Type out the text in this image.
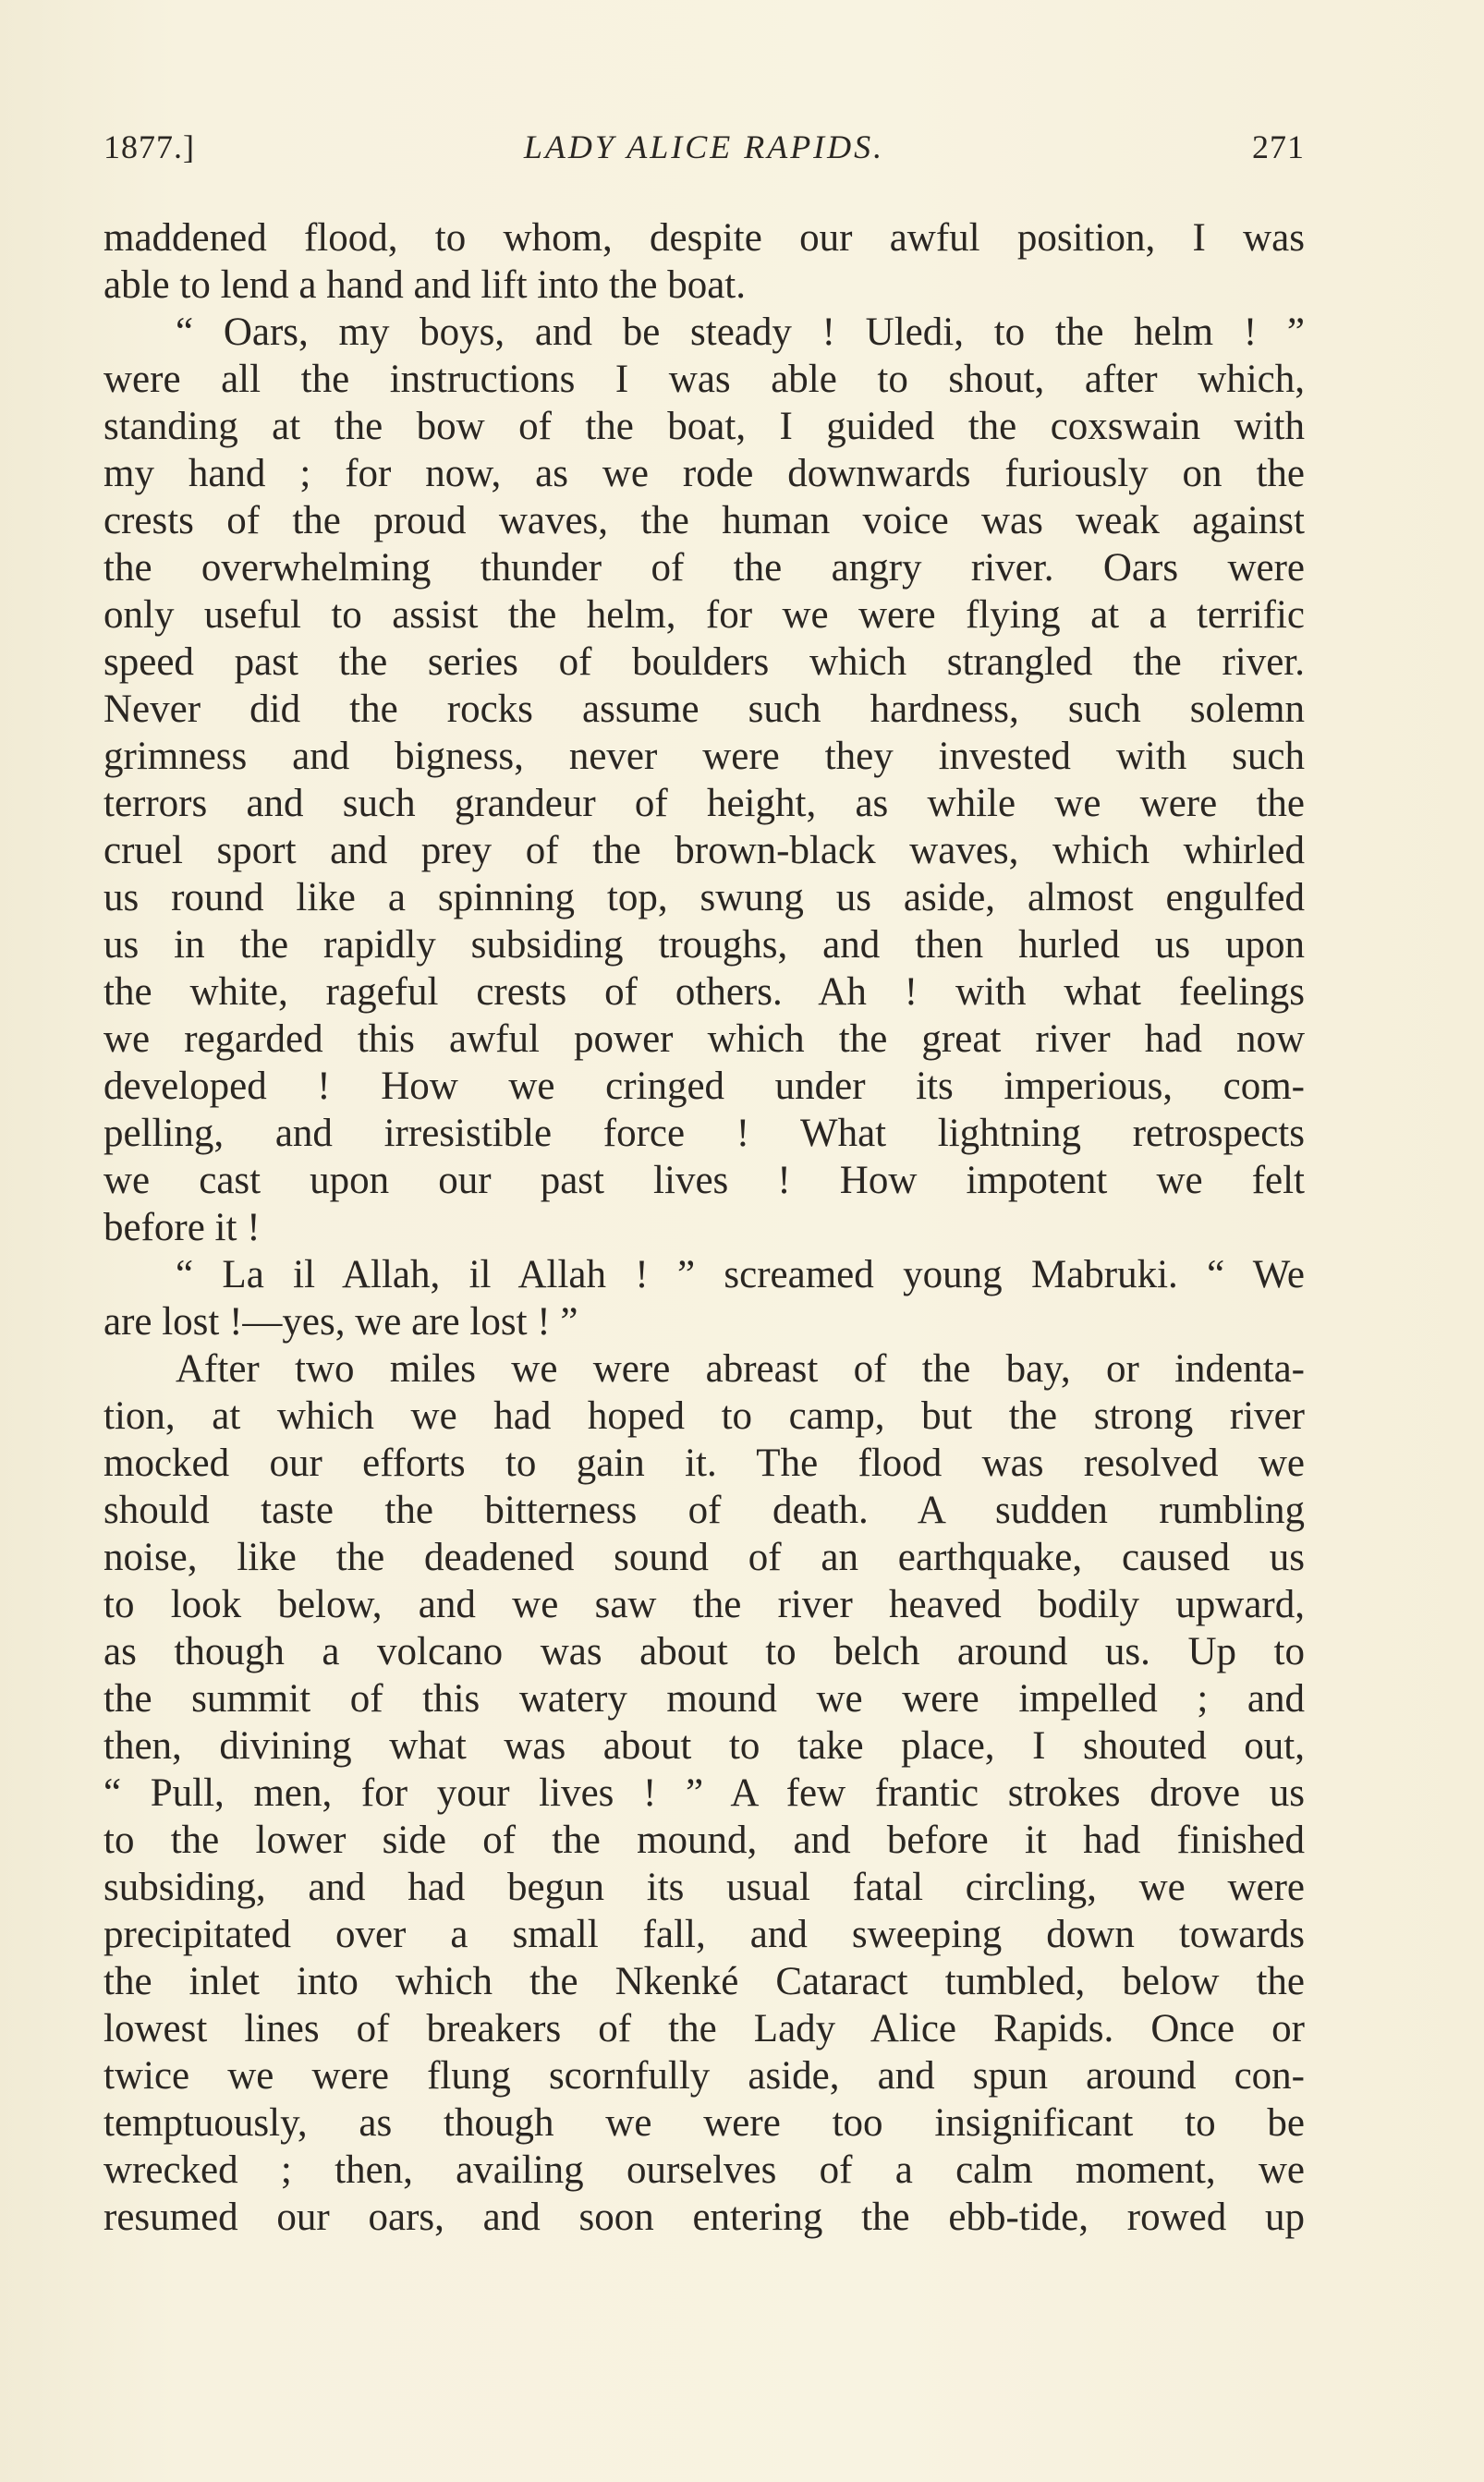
1877.]	LADY ALICE RAPIDS.	271
maddened flood, to whom, despite our awful position, I was
able to lend a hand and lift into the boat.
“ Oars, my boys, and be steady ! Uledi, to the helm ! ”
were all the instructions I was able to shout, after which,
standing at the bow of the boat, I guided the coxswain with
my hand ; for now, as we rode downwards furiously on the
crests of the proud waves, the human voice was weak against
the overwhelming thunder of the angry river. Oars were
only useful to assist the helm, for we were flying at a terrific
speed past the series of boulders which strangled the river.
Never did the rocks assume such hardness, such solemn
grimness and bigness, never were they invested with such
terrors and such grandeur of height, as while we were the
cruel sport and prey of the brown-black waves, which whirled
us round like a spinning top, swung us aside, almost engulfed
us in the rapidly subsiding troughs, and then hurled us upon
the white, rageful crests of others. Ah ! with what feelings
we regarded this awful power which the great river had now
developed ! How we cringed under its imperious, com-
pelling, and irresistible force ! What lightning retrospects
we cast upon our past lives ! How impotent we felt
before it !
“ La il Allah, il Allah ! ” screamed young Mabruki. “ We
are lost !—yes, we are lost ! ”
After two miles we were abreast of the bay, or indenta-
tion, at which we had hoped to camp, but the strong river
mocked our efforts to gain it. The flood was resolved we
should taste the bitterness of death. A sudden rumbling
noise, like the deadened sound of an earthquake, caused us
to look below, and we saw the river heaved bodily upward,
as though a volcano was about to belch around us. Up to
the summit of this watery mound we were impelled ; and
then, divining what was about to take place, I shouted out,
“ Pull, men, for your lives ! ” A few frantic strokes drove us
to the lower side of the mound, and before it had finished
subsiding, and had begun its usual fatal circling, we were
precipitated over a small fall, and sweeping down towards
the inlet into which the Nkenké Cataract tumbled, below the
lowest lines of breakers of the Lady Alice Rapids. Once or
twice we were flung scornfully aside, and spun around con-
temptuously, as though we were too insignificant to be
wrecked ; then, availing ourselves of a calm moment, we
resumed our oars, and soon entering the ebb-tide, rowed up
